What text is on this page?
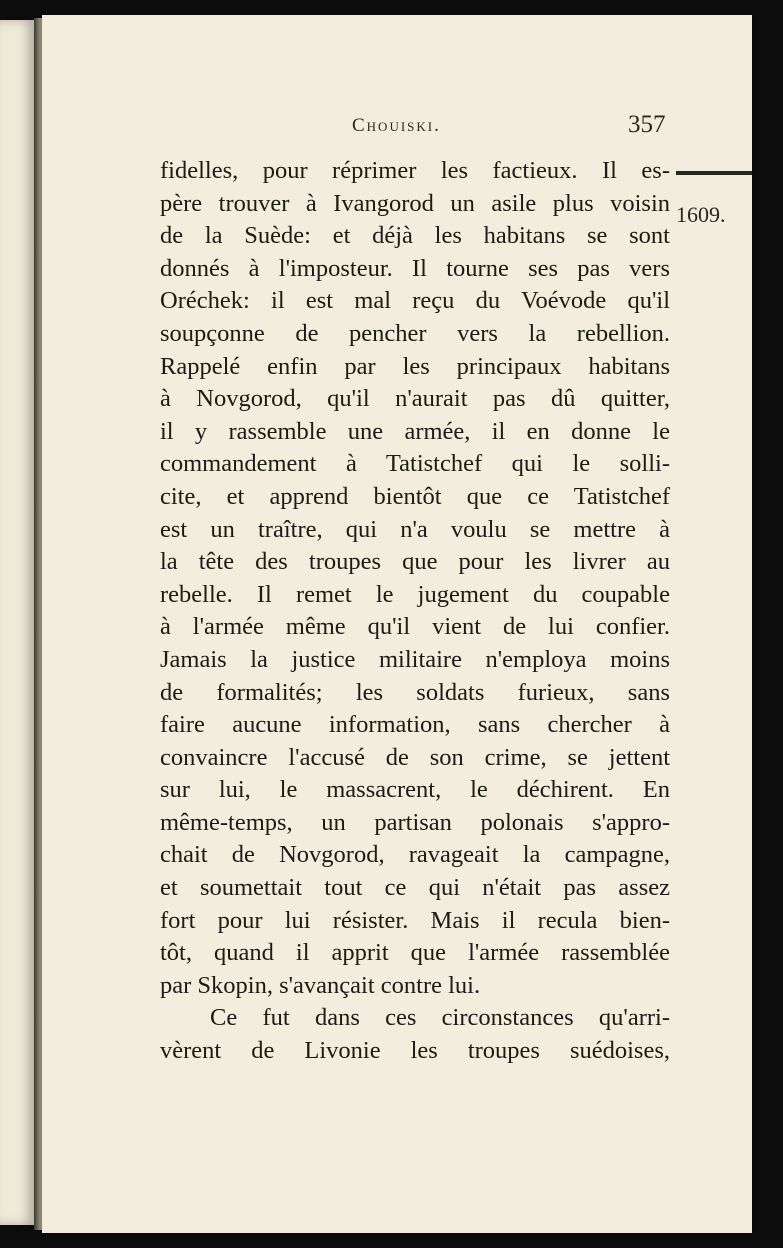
Chouiski.	357
1609.
fidelles, pour réprimer les factieux. Il es-
père trouver à Ivangorod un asile plus voisin
de la Suède: et déjà les habitans se sont
donnés à l'imposteur. Il tourne ses pas vers
Oréchek: il est mal reçu du Voévode qu'il
soupçonne de pencher vers la rebellion.
Rappelé enfin par les principaux habitans
à Novgorod, qu'il n'aurait pas dû quitter,
il y rassemble une armée, il en donne le
commandement à Tatistchef qui le solli-
cite, et apprend bientôt que ce Tatistchef
est un traître, qui n'a voulu se mettre à
la tête des troupes que pour les livrer au
rebelle. Il remet le jugement du coupable
à l'armée même qu'il vient de lui confier.
Jamais la justice militaire n'employa moins
de formalités; les soldats furieux, sans
faire aucune information, sans chercher à
convaincre l'accusé de son crime, se jettent
sur lui, le massacrent, le déchirent. En
même-temps, un partisan polonais s'appro-
chait de Novgorod, ravageait la campagne,
et soumettait tout ce qui n'était pas assez
fort pour lui résister. Mais il recula bien-
tôt, quand il apprit que l'armée rassemblée
par Skopin, s'avançait contre lui.
Ce fut dans ces circonstances qu'arri-
vèrent de Livonie les troupes suédoises,
